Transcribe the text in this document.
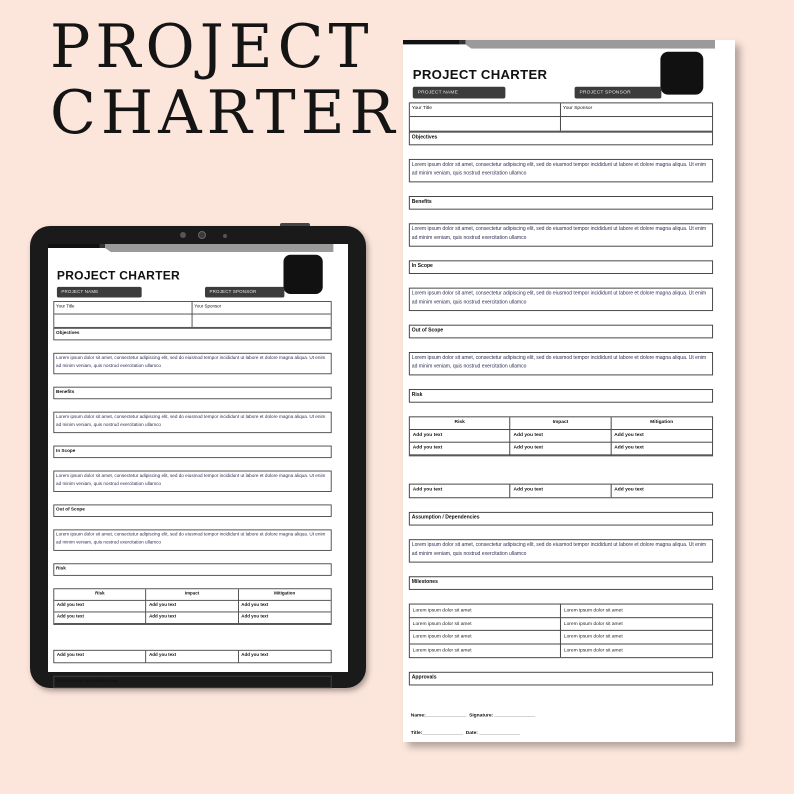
PROJECT
CHARTER
PROJECT CHARTER
PROJECT NAME	PROJECT SPONSOR
Your Title	Your Sponsor
Objectives
Lorem ipsum dolor sit amet, consectetur adipiscing elit, sed do eiusmod tempor incididunt ut labore et dolore magna aliqua. Ut enim ad minim veniam, quis nostrud exercitation ullamco
Benefits
Lorem ipsum dolor sit amet, consectetur adipiscing elit, sed do eiusmod tempor incididunt ut labore et dolore magna aliqua. Ut enim ad minim veniam, quis nostrud exercitation ullamco
In Scope
Lorem ipsum dolor sit amet, consectetur adipiscing elit, sed do eiusmod tempor incididunt ut labore et dolore magna aliqua. Ut enim ad minim veniam, quis nostrud exercitation ullamco
Out of Scope
Lorem ipsum dolor sit amet, consectetur adipiscing elit, sed do eiusmod tempor incididunt ut labore et dolore magna aliqua. Ut enim ad minim veniam, quis nostrud exercitation ullamco
Risk
Risk	Impact	Mitigation
Add you text	Add you text	Add you text
Add you text	Add you text	Add you text
Add you text	Add you text	Add you text
Assumption / Dependencies
PROJECT CHARTER
PROJECT NAME	PROJECT SPONSOR
Your Title	Your Sponsor
Objectives
Lorem ipsum dolor sit amet, consectetur adipiscing elit, sed do eiusmod tempor incididunt ut labore et dolore magna aliqua. Ut enim ad minim veniam, quis nostrud exercitation ullamco
Benefits
Lorem ipsum dolor sit amet, consectetur adipiscing elit, sed do eiusmod tempor incididunt ut labore et dolore magna aliqua. Ut enim ad minim veniam, quis nostrud exercitation ullamco
In Scope
Lorem ipsum dolor sit amet, consectetur adipiscing elit, sed do eiusmod tempor incididunt ut labore et dolore magna aliqua. Ut enim ad minim veniam, quis nostrud exercitation ullamco
Out of Scope
Lorem ipsum dolor sit amet, consectetur adipiscing elit, sed do eiusmod tempor incididunt ut labore et dolore magna aliqua. Ut enim ad minim veniam, quis nostrud exercitation ullamco
Risk
Risk	Impact	Mitigation
Add you text	Add you text	Add you text
Add you text	Add you text	Add you text
Add you text	Add you text	Add you text
Assumption / Dependencies
Lorem ipsum dolor sit amet, consectetur adipiscing elit, sed do eiusmod tempor incididunt ut labore et dolore magna aliqua. Ut enim ad minim veniam, quis nostrud exercitation ullamco
Milestones
Lorem ipsum dolor sit amet	Lorem ipsum dolor sit amet
Lorem ipsum dolor sit amet	Lorem ipsum dolor sit amet
Lorem ipsum dolor sit amet	Lorem ipsum dolor sit amet
Lorem ipsum dolor sit amet	Lorem ipsum dolor sit amet
Approvals
Name:_______________  Signature: _______________
Title:_______________  Date: _______________
